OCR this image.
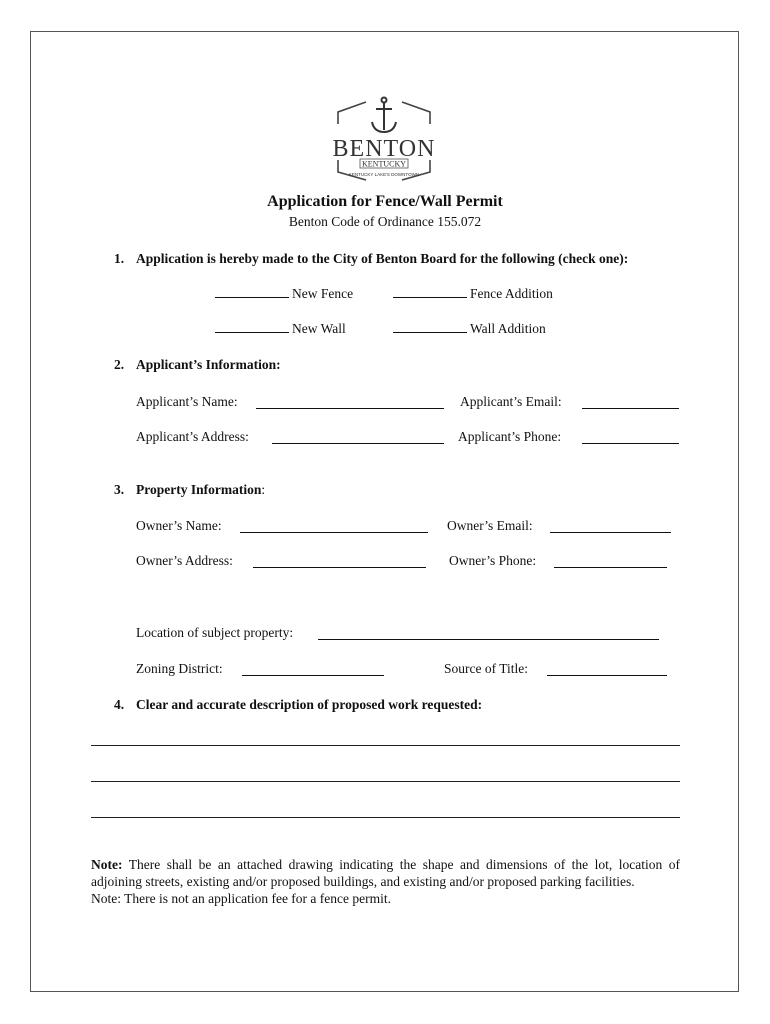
BENTON
KENTUCKY
KENTUCKY LAKE'S DOWNTOWN
Application for Fence/Wall Permit
Benton Code of Ordinance 155.072
1. Application is hereby made to the City of Benton Board for the following (check one):
New Fence	Fence Addition
New Wall	Wall Addition
2. Applicant’s Information:
Applicant’s Name:	Applicant’s Email:
Applicant’s Address:	Applicant’s Phone:
3. Property Information:
Owner’s Name:	Owner’s Email:
Owner’s Address:	Owner’s Phone:
Location of subject property:
Zoning District:	Source of Title:
4. Clear and accurate description of proposed work requested:

Note: There shall be an attached drawing indicating the shape and dimensions of the lot, location of adjoining streets, existing and/or proposed buildings, and existing and/or proposed parking facilities.

Note: There is not an application fee for a fence permit.
